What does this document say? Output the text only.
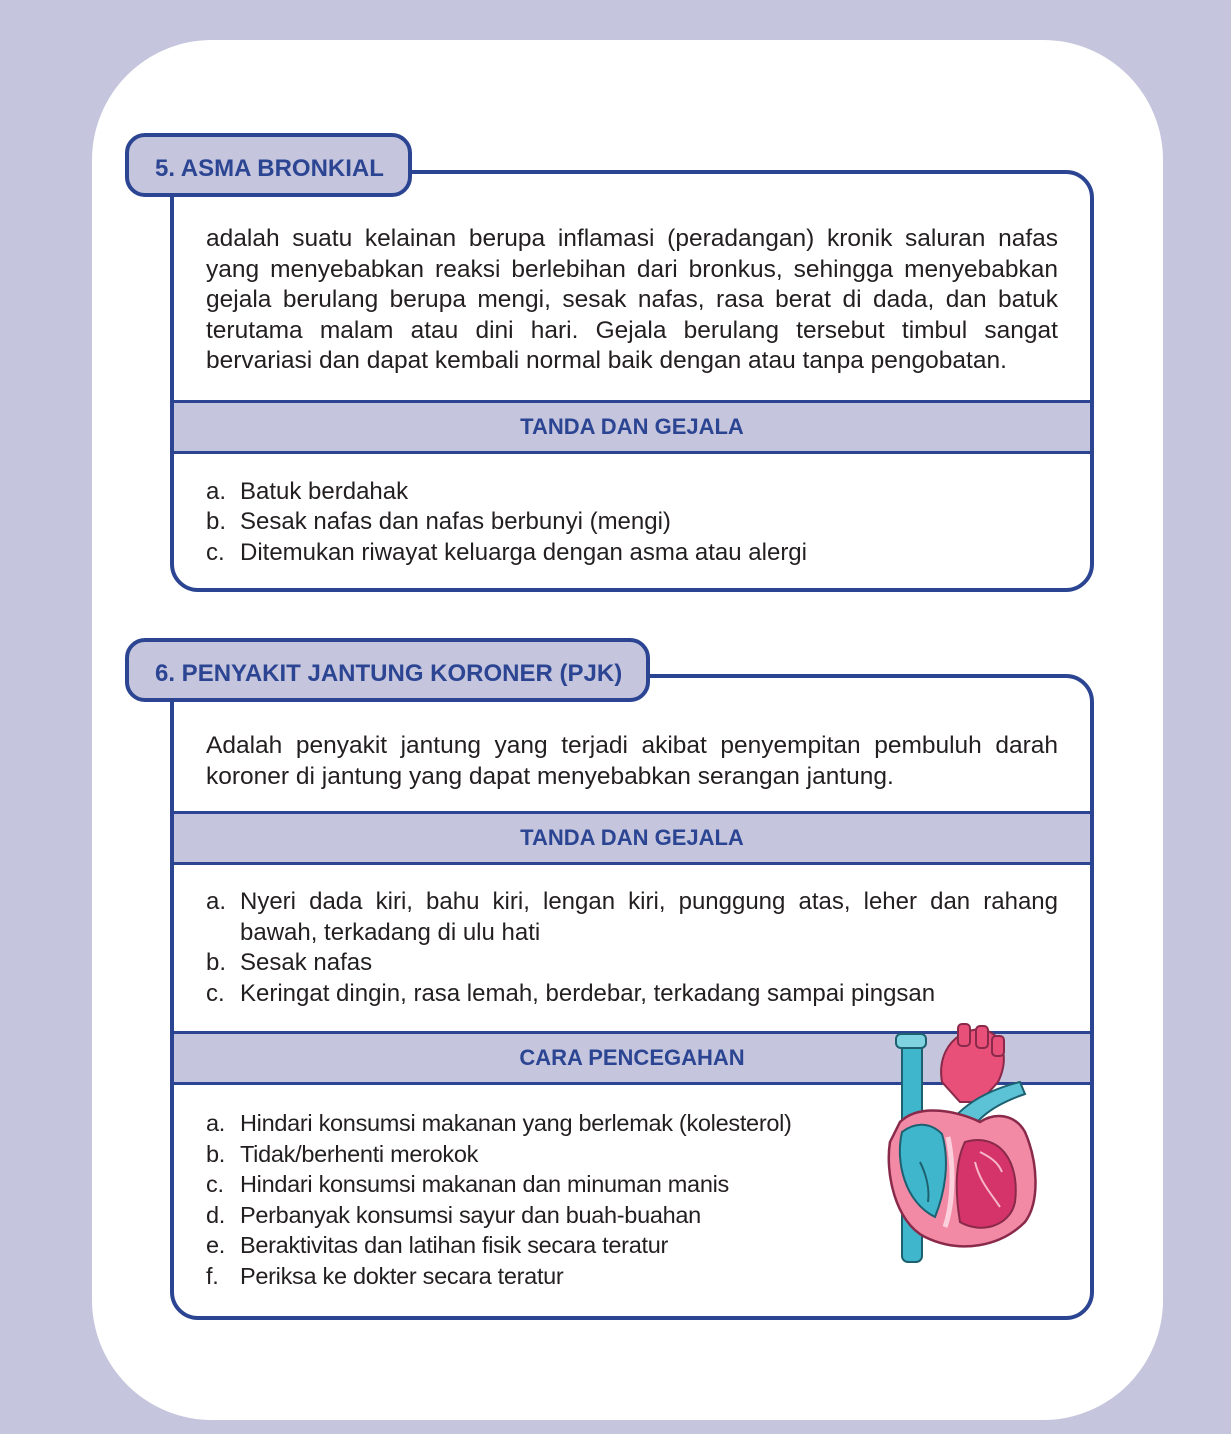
5. ASMA BRONKIAL

adalah suatu kelainan berupa inflamasi (peradangan) kronik saluran nafas yang menyebabkan reaksi berlebihan dari bronkus, sehingga menyebabkan gejala berulang berupa mengi, sesak nafas, rasa berat di dada, dan batuk terutama malam atau dini hari. Gejala berulang tersebut timbul sangat bervariasi dan dapat kembali normal baik dengan atau tanpa pengobatan.

TANDA DAN GEJALA
a. Batuk berdahak
b. Sesak nafas dan nafas berbunyi (mengi)
c. Ditemukan riwayat keluarga dengan asma atau alergi
6. PENYAKIT JANTUNG KORONER (PJK)

Adalah penyakit jantung yang terjadi akibat penyempitan pembuluh darah koroner di jantung yang dapat menyebabkan serangan jantung.

TANDA DAN GEJALA
a. Nyeri dada kiri, bahu kiri, lengan kiri, punggung atas, leher dan rahang bawah, terkadang di ulu hati
b. Sesak nafas
c. Keringat dingin, rasa lemah, berdebar, terkadang sampai pingsan
CARA PENCEGAHAN
a. Hindari konsumsi makanan yang berlemak (kolesterol)
b. Tidak/berhenti merokok
c. Hindari konsumsi makanan dan minuman manis
d. Perbanyak konsumsi sayur dan buah-buahan
e. Beraktivitas dan latihan fisik secara teratur
f. Periksa ke dokter secara teratur
